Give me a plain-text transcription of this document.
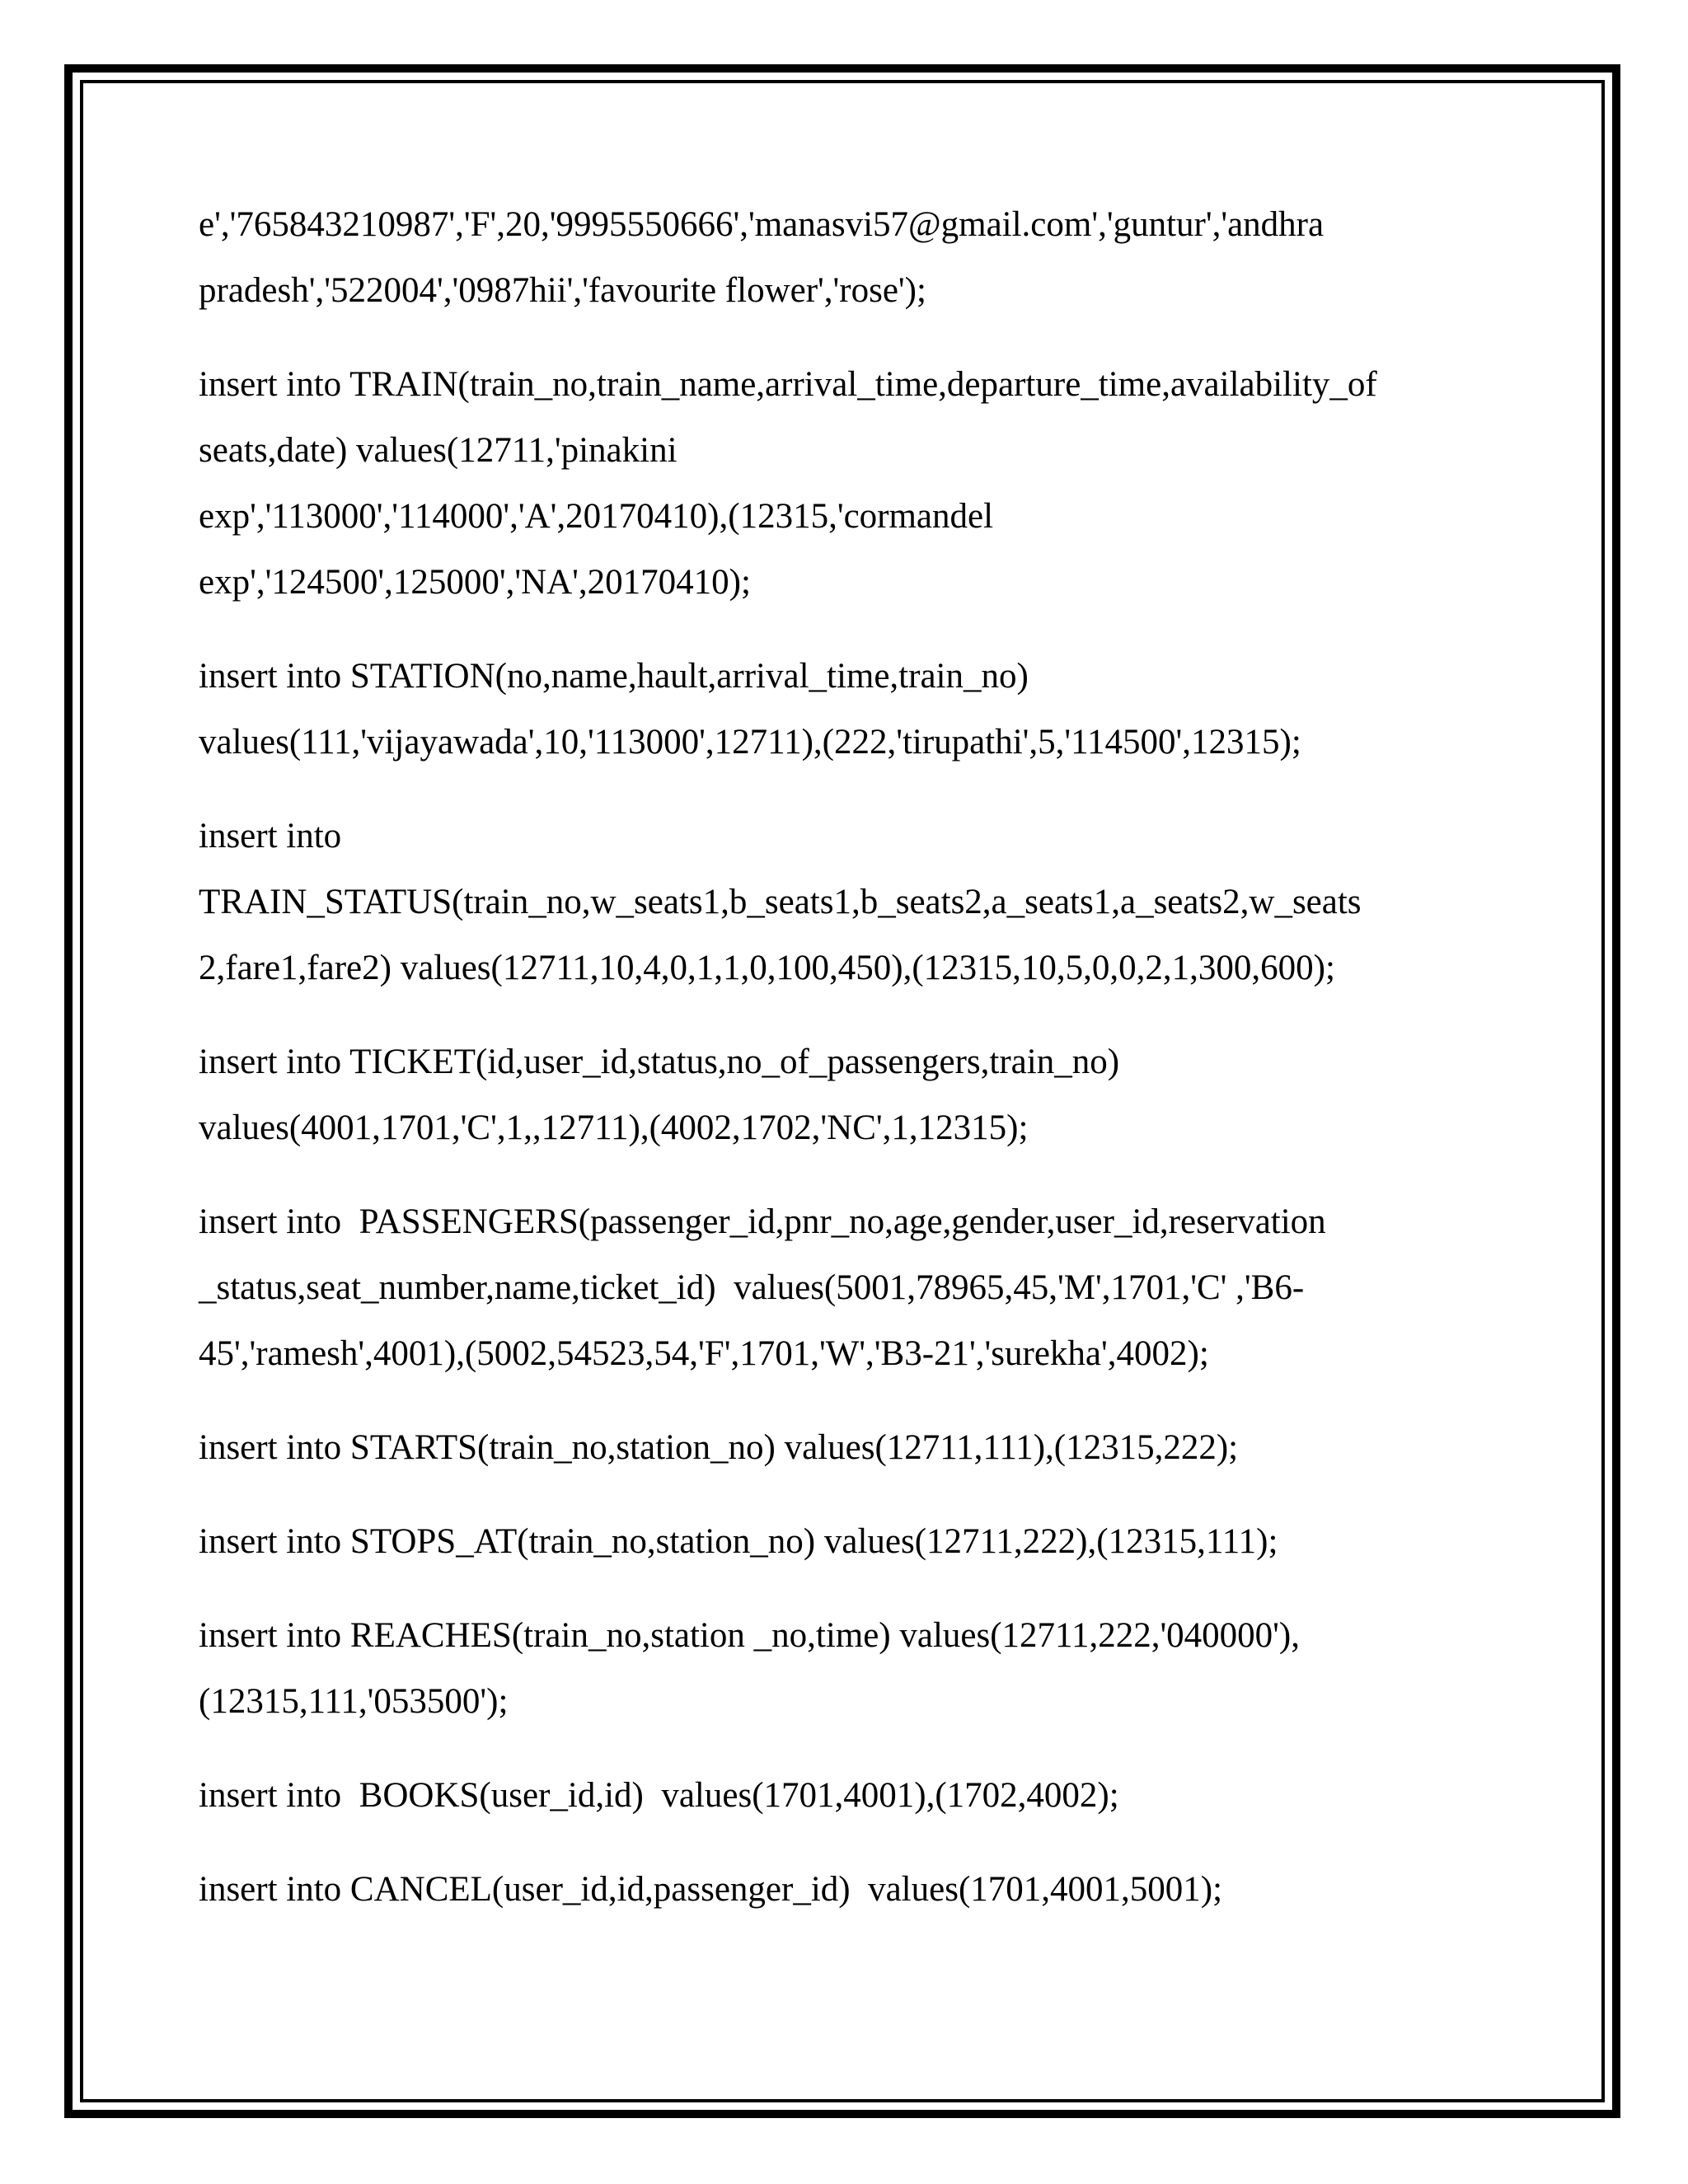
e','765843210987','F',20,'9995550666','manasvi57@gmail.com','guntur','andhra
pradesh','522004','0987hii','favourite flower','rose');
insert into TRAIN(train_no,train_name,arrival_time,departure_time,availability_of
seats,date) values(12711,'pinakini
exp','113000','114000','A',20170410),(12315,'cormandel
exp','124500',125000','NA',20170410);
insert into STATION(no,name,hault,arrival_time,train_no)
values(111,'vijayawada',10,'113000',12711),(222,'tirupathi',5,'114500',12315);
insert into
TRAIN_STATUS(train_no,w_seats1,b_seats1,b_seats2,a_seats1,a_seats2,w_seats
2,fare1,fare2) values(12711,10,4,0,1,1,0,100,450),(12315,10,5,0,0,2,1,300,600);
insert into TICKET(id,user_id,status,no_of_passengers,train_no)
values(4001,1701,'C',1,,12711),(4002,1702,'NC',1,12315);
insert into  PASSENGERS(passenger_id,pnr_no,age,gender,user_id,reservation
_status,seat_number,name,ticket_id)  values(5001,78965,45,'M',1701,'C' ,'B6-
45','ramesh',4001),(5002,54523,54,'F',1701,'W','B3-21','surekha',4002);
insert into STARTS(train_no,station_no) values(12711,111),(12315,222);
insert into STOPS_AT(train_no,station_no) values(12711,222),(12315,111);
insert into REACHES(train_no,station _no,time) values(12711,222,'040000'),
(12315,111,'053500');
insert into  BOOKS(user_id,id)  values(1701,4001),(1702,4002);
insert into CANCEL(user_id,id,passenger_id)  values(1701,4001,5001);
